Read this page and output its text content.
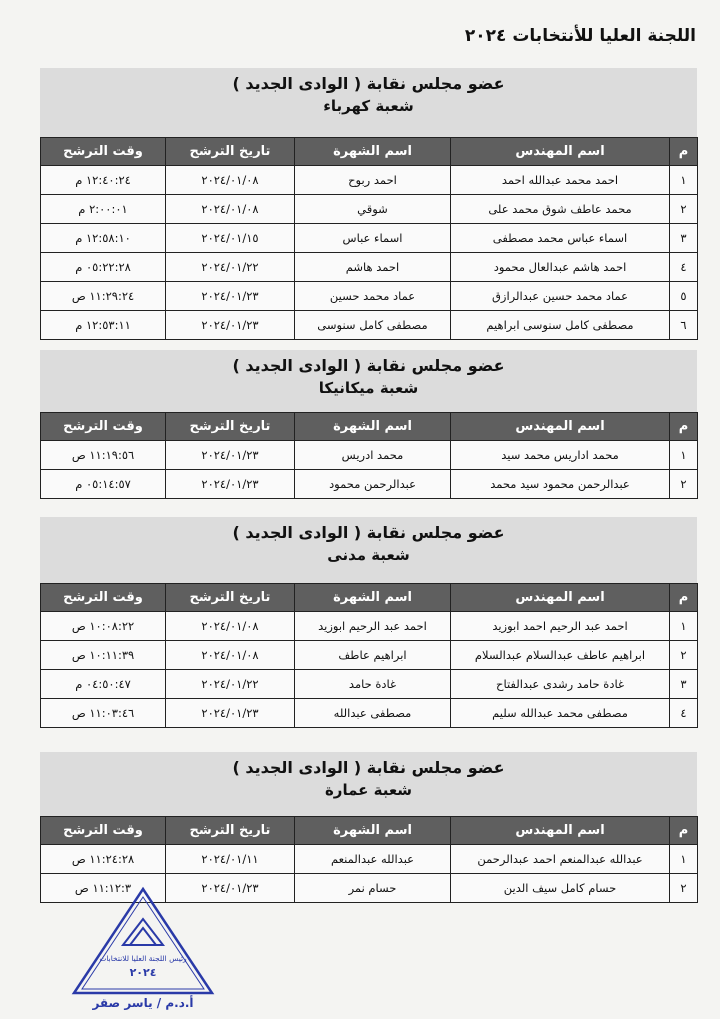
اللجنة العليا للأنتخابات ٢٠٢٤
عضو مجلس نقابة ( الوادى الجديد )
شعبة كهرباء
م	اسم المهندس	اسم الشهرة	تاريخ الترشح	وقت الترشح
١	احمد محمد عبدالله احمد	احمد ربوح	٢٠٢٤/٠١/٠٨	١٢:٤٠:٢٤ م
٢	محمد عاطف شوق محمد على	شوقي	٢٠٢٤/٠١/٠٨	٢:٠٠:٠١ م
٣	اسماء عباس محمد مصطفى	اسماء عباس	٢٠٢٤/٠١/١٥	١٢:٥٨:١٠ م
٤	احمد هاشم عبدالعال محمود	احمد هاشم	٢٠٢٤/٠١/٢٢	٠٥:٢٢:٢٨ م
٥	عماد محمد حسين عبدالرازق	عماد محمد حسين	٢٠٢٤/٠١/٢٣	١١:٢٩:٢٤ ص
٦	مصطفى كامل سنوسى ابراهيم	مصطفى كامل سنوسى	٢٠٢٤/٠١/٢٣	١٢:٥٣:١١ م
عضو مجلس نقابة ( الوادى الجديد )
شعبة ميكانيكا
م	اسم المهندس	اسم الشهرة	تاريخ الترشح	وقت الترشح
١	محمد اداريس محمد سيد	محمد ادريس	٢٠٢٤/٠١/٢٣	١١:١٩:٥٦ ص
٢	عبدالرحمن محمود سيد محمد	عبدالرحمن محمود	٢٠٢٤/٠١/٢٣	٠٥:١٤:٥٧ م
عضو مجلس نقابة ( الوادى الجديد )
شعبة مدنى
م	اسم المهندس	اسم الشهرة	تاريخ الترشح	وقت الترشح
١	احمد عبد الرحيم احمد ابوزيد	احمد عبد الرحيم ابوزيد	٢٠٢٤/٠١/٠٨	١٠:٠٨:٢٢ ص
٢	ابراهيم عاطف عبدالسلام عبدالسلام	ابراهيم عاطف	٢٠٢٤/٠١/٠٨	١٠:١١:٣٩ ص
٣	غادة حامد رشدى عبدالفتاح	غادة حامد	٢٠٢٤/٠١/٢٢	٠٤:٥٠:٤٧ م
٤	مصطفى محمد عبدالله سليم	مصطفى عبدالله	٢٠٢٤/٠١/٢٣	١١:٠٣:٤٦ ص
عضو مجلس نقابة ( الوادى الجديد )
شعبة عمارة
م	اسم المهندس	اسم الشهرة	تاريخ الترشح	وقت الترشح
١	عبدالله عبدالمنعم احمد عبدالرحمن	عبدالله عبدالمنعم	٢٠٢٤/٠١/١١	١١:٢٤:٢٨ ص
٢	حسام كامل سيف الدين	حسام نمر	٢٠٢٤/٠١/٢٣	١١:١٢:٣ ص
رئيس اللجنة العليا للانتخابات
٢٠٢٤
أ.د.م / ياسر صقر
